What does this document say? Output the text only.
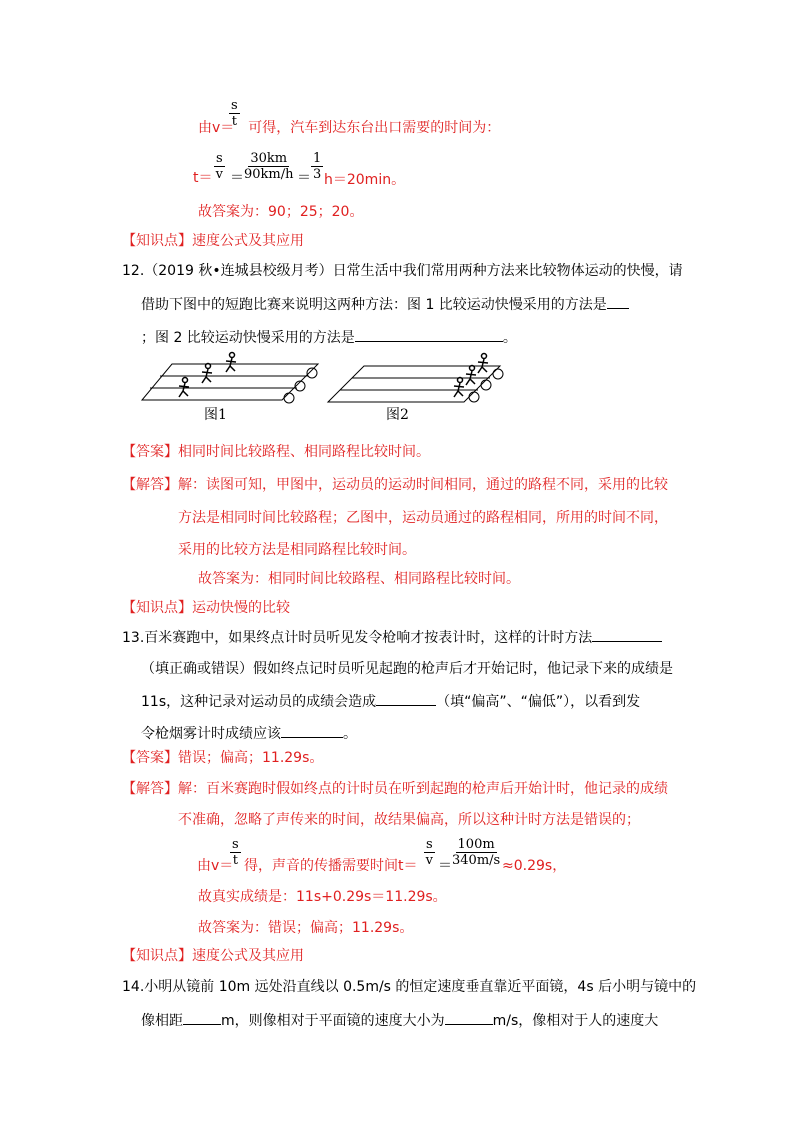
$\frac{s}{t}$
由v＝ 可得，汽车到达东台出口需要的时间为：
$t= \frac{s}{v} = \frac{30km}{90km/h} = \frac{1}{3} h=20\min$。
故答案为：90；25；20。
【知识点】速度公式及其应用
12.（2019 秋•连城县校级月考）日常生活中我们常用两种方法来比较物体运动的快慢，请
借助下图中的短跑比赛来说明这两种方法：图 1 比较运动快慢采用的方法是
；图 2 比较运动快慢采用的方法是	。
图1	图2
【答案】相同时间比较路程、相同路程比较时间。
【解答】解：读图可知，甲图中，运动员的运动时间相同，通过的路程不同，采用的比较
方法是相同时间比较路程；乙图中，运动员通过的路程相同，所用的时间不同，
采用的比较方法是相同路程比较时间。
故答案为：相同时间比较路程、相同路程比较时间。
【知识点】运动快慢的比较
13.百米赛跑中，如果终点计时员听见发令枪响才按表计时，这样的计时方法
（填正确或错误）假如终点记时员听见起跑的枪声后才开始记时，他记录下来的成绩是
11s，这种记录对运动员的成绩会造成	（填“偏高”、“偏低”），以看到发
令枪烟雾计时成绩应该	。
【答案】错误；偏高；11.29s。
【解答】解：百米赛跑时假如终点的计时员在听到起跑的枪声后开始计时，他记录的成绩
不准确，忽略了声传来的时间，故结果偏高，所以这种计时方法是错误的；
由v＝
$\frac{s}{t}$ 得，声音的传播需要时间$t= \frac{s}{v} = \frac{100m}{340m/s} \approx 0.29s$，
故真实成绩是：11s+0.29s＝11.29s。
故答案为：错误；偏高；11.29s。
【知识点】速度公式及其应用
14.小明从镜前 10m 远处沿直线以 0.5m/s 的恒定速度垂直靠近平面镜，4s 后小明与镜中的
像相距	m，则像相对于平面镜的速度大小为	m/s，像相对于人的速度大
